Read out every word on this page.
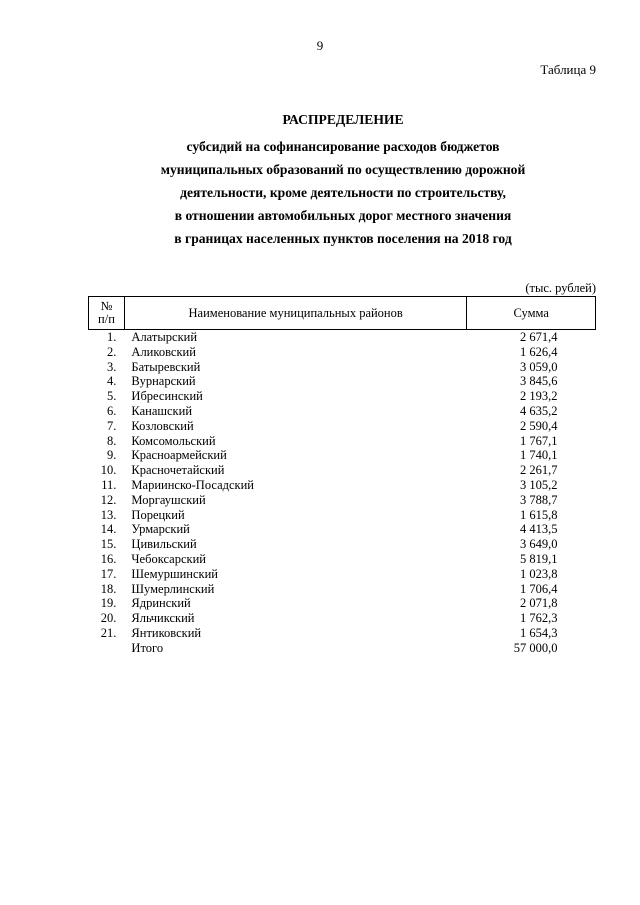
9
Таблица 9
РАСПРЕДЕЛЕНИЕ
субсидий на софинансирование расходов бюджетов
муниципальных образований по осуществлению дорожной
деятельности, кроме деятельности по строительству,
в отношении автомобильных дорог местного значения
в границах населенных пунктов поселения на 2018 год
(тыс. рублей)
№
п/п	Наименование муниципальных районов	Сумма
1.	Алатырский	2 671,4
2.	Аликовский	1 626,4
3.	Батыревский	3 059,0
4.	Вурнарский	3 845,6
5.	Ибресинский	2 193,2
6.	Канашский	4 635,2
7.	Козловский	2 590,4
8.	Комсомольский	1 767,1
9.	Красноармейский	1 740,1
10.	Красночетайский	2 261,7
11.	Мариинско-Посадский	3 105,2
12.	Моргаушский	3 788,7
13.	Порецкий	1 615,8
14.	Урмарский	4 413,5
15.	Цивильский	3 649,0
16.	Чебоксарский	5 819,1
17.	Шемуршинский	1 023,8
18.	Шумерлинский	1 706,4
19.	Ядринский	2 071,8
20.	Яльчикский	1 762,3
21.	Янтиковский	1 654,3
	Итого	57 000,0
